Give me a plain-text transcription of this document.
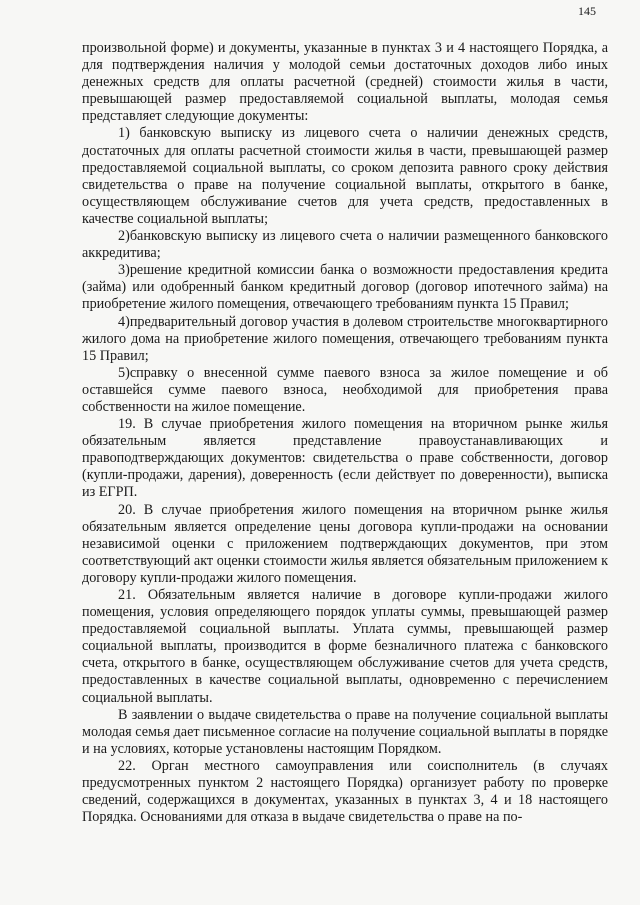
145

произвольной форме) и документы, указанные в пунктах 3 и 4 настоящего Порядка, а для подтверждения наличия у молодой семьи достаточных доходов либо иных денежных средств для оплаты расчетной (средней) стоимости жилья в части, превышающей размер предоставляемой социальной выплаты, молодая семья представляет следующие документы:

1) банковскую выписку из лицевого счета о наличии денежных средств, достаточных для оплаты расчетной стоимости жилья в части, превышающей размер предоставляемой социальной выплаты, со сроком депозита равного сроку действия свидетельства о праве на получение социальной выплаты, открытого в банке, осуществляющем обслуживание счетов для учета средств, предоставленных в качестве социальной выплаты;

2)банковскую выписку из лицевого счета о наличии размещенного банковского аккредитива;

3)решение кредитной комиссии банка о возможности предоставления кредита (займа) или одобренный банком кредитный договор (договор ипотечного займа) на приобретение жилого помещения, отвечающего требованиям пункта 15 Правил;

4)предварительный договор участия в долевом строительстве многоквартирного жилого дома на приобретение жилого помещения, отвечающего требованиям пункта 15 Правил;

5)справку о внесенной сумме паевого взноса за жилое помещение и об оставшейся сумме паевого взноса, необходимой для приобретения права собственности на жилое помещение.

19. В случае приобретения жилого помещения на вторичном рынке жилья обязательным является представление правоустанавливающих и правоподтверждающих документов: свидетельства о праве собственности, договор (купли-продажи, дарения), доверенность (если действует по доверенности), выписка из ЕГРП.

20. В случае приобретения жилого помещения на вторичном рынке жилья обязательным является определение цены договора купли-продажи на основании независимой оценки с приложением подтверждающих документов, при этом соответствующий акт оценки стоимости жилья является обязательным приложением к договору купли-продажи жилого помещения.

21. Обязательным является наличие в договоре купли-продажи жилого помещения, условия определяющего порядок уплаты суммы, превышающей размер предоставляемой социальной выплаты. Уплата суммы, превышающей размер социальной выплаты, производится в форме безналичного платежа с банковского счета, открытого в банке, осуществляющем обслуживание счетов для учета средств, предоставленных в качестве социальной выплаты, одновременно с перечислением социальной выплаты.

В заявлении о выдаче свидетельства о праве на получение социальной выплаты молодая семья дает письменное согласие на получение социальной выплаты в порядке и на условиях, которые установлены настоящим Порядком.

22. Орган местного самоуправления или соисполнитель (в случаях предусмотренных пунктом 2 настоящего Порядка) организует работу по проверке сведений, содержащихся в документах, указанных в пунктах 3, 4 и 18 настоящего Порядка. Основаниями для отказа в выдаче свидетельства о праве на по-
